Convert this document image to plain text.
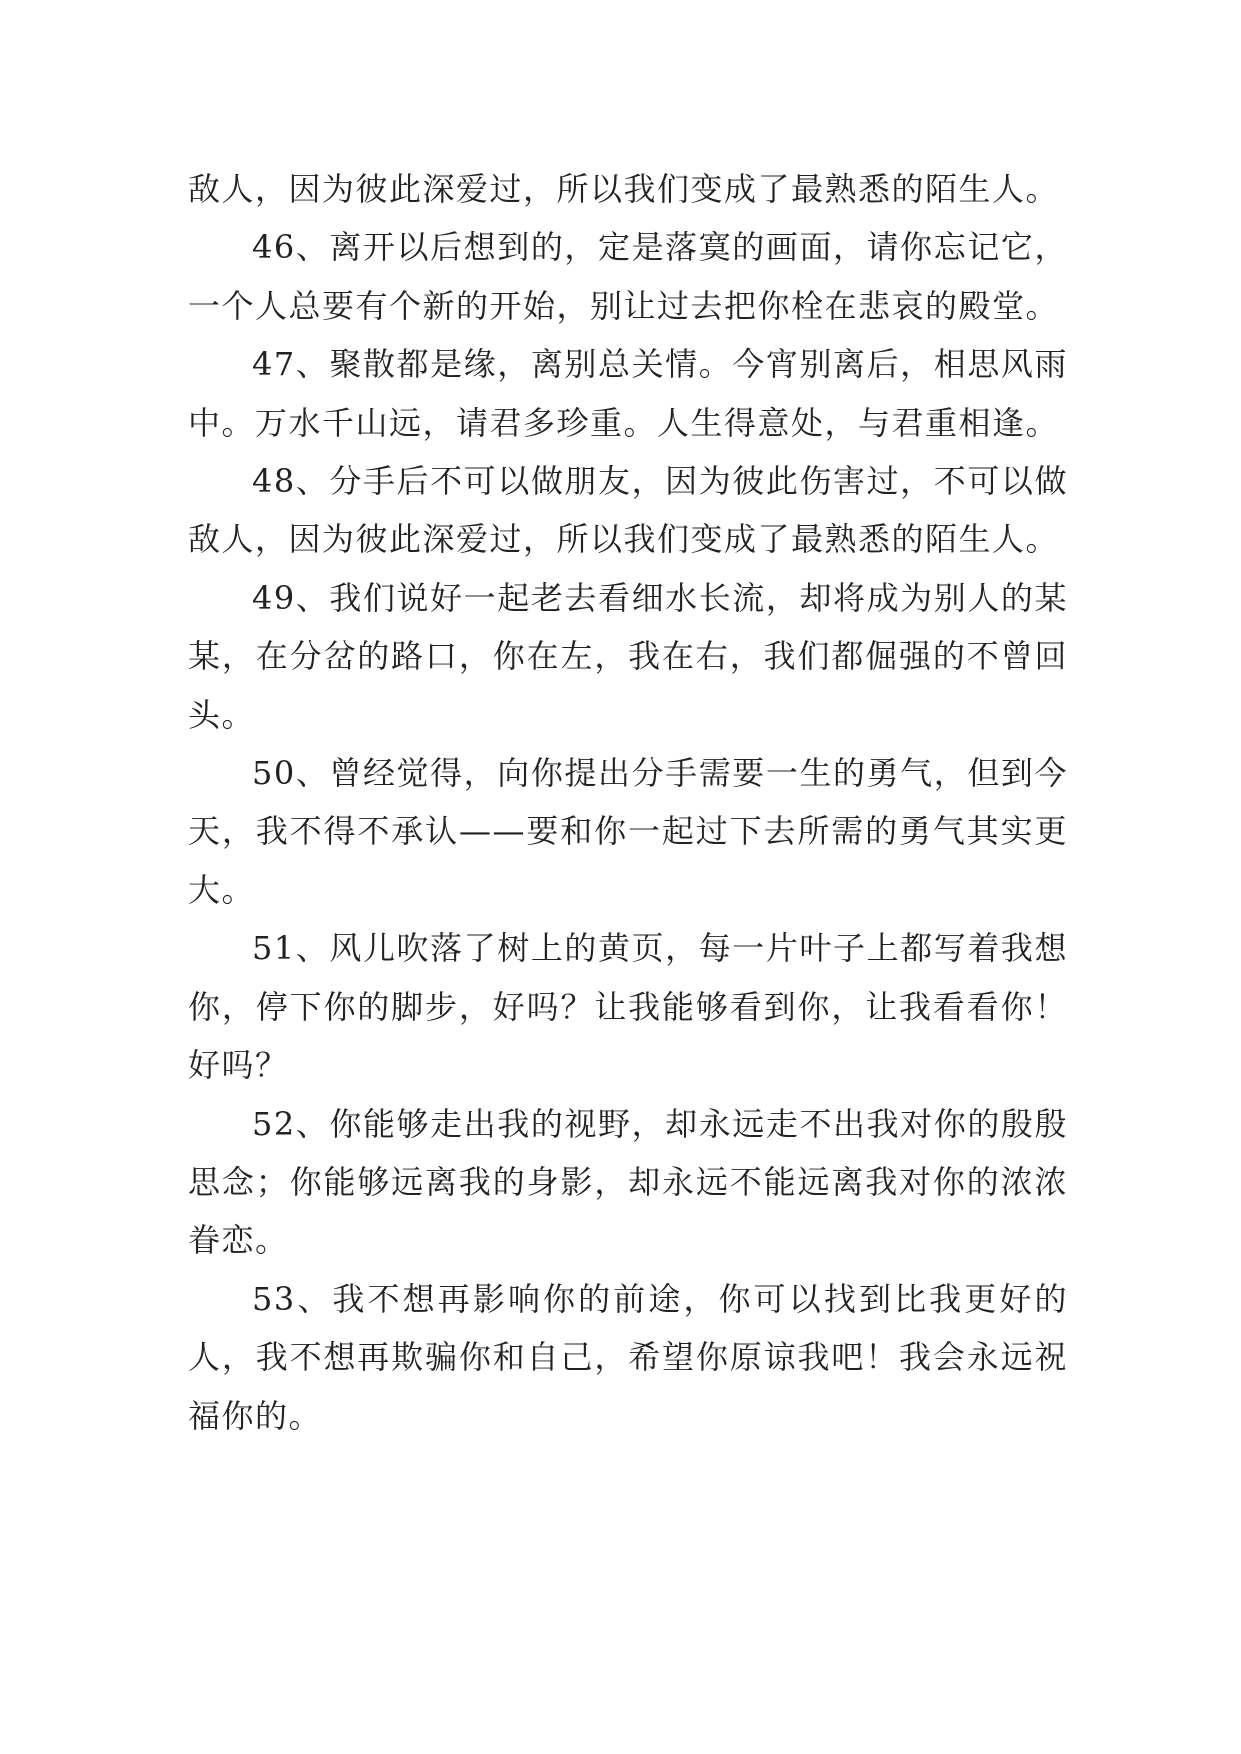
敌人，因为彼此深爱过，所以我们变成了最熟悉的陌生人。

46、离开以后想到的，定是落寞的画面，请你忘记它，一个人总要有个新的开始，别让过去把你栓在悲哀的殿堂。

47、聚散都是缘，离别总关情。今宵别离后，相思风雨中。万水千山远，请君多珍重。人生得意处，与君重相逢。

48、分手后不可以做朋友，因为彼此伤害过，不可以做敌人，因为彼此深爱过，所以我们变成了最熟悉的陌生人。

49、我们说好一起老去看细水长流，却将成为别人的某某，在分岔的路口，你在左，我在右，我们都倔强的不曾回头。

50、曾经觉得，向你提出分手需要一生的勇气，但到今天，我不得不承认——要和你一起过下去所需的勇气其实更大。

51、风儿吹落了树上的黄页，每一片叶子上都写着我想你，停下你的脚步，好吗？让我能够看到你，让我看看你！好吗？

52、你能够走出我的视野，却永远走不出我对你的殷殷思念；你能够远离我的身影，却永远不能远离我对你的浓浓眷恋。

53、我不想再影响你的前途，你可以找到比我更好的人，我不想再欺骗你和自己，希望你原谅我吧！我会永远祝福你的。
